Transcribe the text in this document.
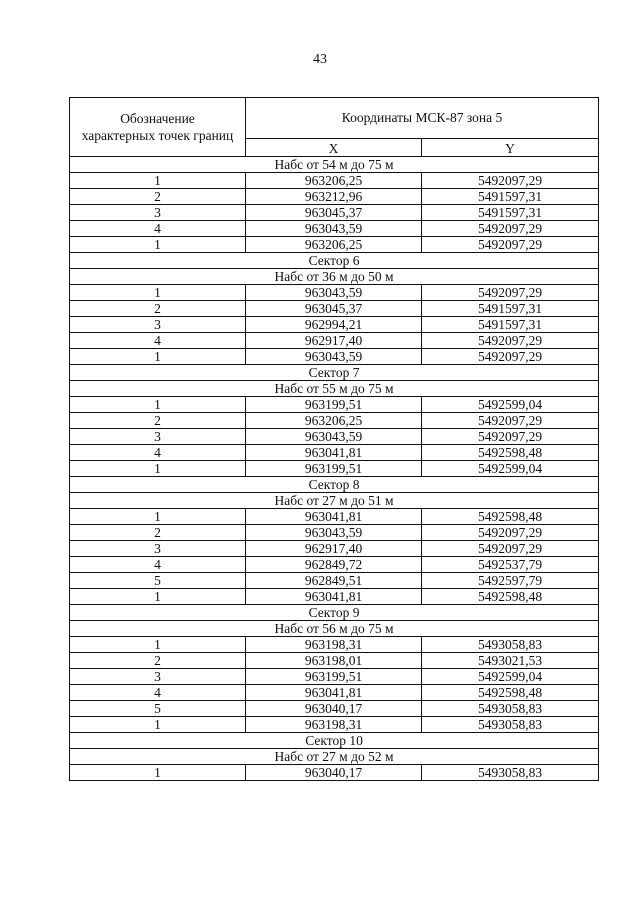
43
Обозначение
характерных точек границ	Координаты МСК-87 зона 5	
	X	Y
Набс от 54 м до 75 м		
1	963206,25	5492097,29
2	963212,96	5491597,31
3	963045,37	5491597,31
4	963043,59	5492097,29
1	963206,25	5492097,29
Сектор 6		
Набс от 36 м до 50 м		
1	963043,59	5492097,29
2	963045,37	5491597,31
3	962994,21	5491597,31
4	962917,40	5492097,29
1	963043,59	5492097,29
Сектор 7		
Набс от 55 м до 75 м		
1	963199,51	5492599,04
2	963206,25	5492097,29
3	963043,59	5492097,29
4	963041,81	5492598,48
1	963199,51	5492599,04
Сектор 8		
Набс от 27 м до 51 м		
1	963041,81	5492598,48
2	963043,59	5492097,29
3	962917,40	5492097,29
4	962849,72	5492537,79
5	962849,51	5492597,79
1	963041,81	5492598,48
Сектор 9		
Набс от 56 м до 75 м		
1	963198,31	5493058,83
2	963198,01	5493021,53
3	963199,51	5492599,04
4	963041,81	5492598,48
5	963040,17	5493058,83
1	963198,31	5493058,83
Сектор 10		
Набс от 27 м до 52 м		
1	963040,17	5493058,83
